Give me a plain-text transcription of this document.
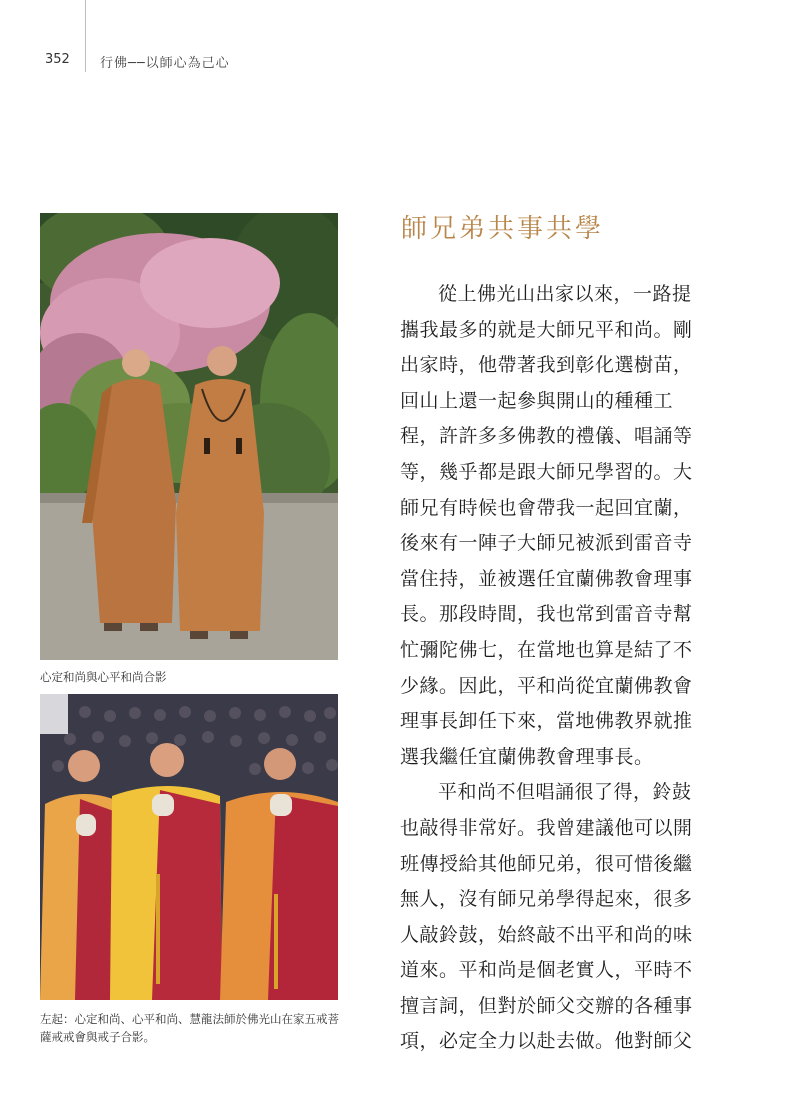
352 行佛──以師心為己心
心定和尚與心平和尚合影
左起：心定和尚、心平和尚、慧龍法師於佛光山在家五戒菩薩戒戒會與戒子合影。
師兄弟共事共學

從上佛光山出家以來，一路提攜我最多的就是大師兄平和尚。剛出家時，他帶著我到彰化選樹苗，回山上還一起參與開山的種種工程，許許多多佛教的禮儀、唱誦等等，幾乎都是跟大師兄學習的。大師兄有時候也會帶我一起回宜蘭，後來有一陣子大師兄被派到雷音寺當住持，並被選任宜蘭佛教會理事長。那段時間，我也常到雷音寺幫忙彌陀佛七，在當地也算是結了不少緣。因此，平和尚從宜蘭佛教會理事長卸任下來，當地佛教界就推選我繼任宜蘭佛教會理事長。

平和尚不但唱誦很了得，鈴鼓也敲得非常好。我曾建議他可以開班傳授給其他師兄弟，很可惜後繼無人，沒有師兄弟學得起來，很多人敲鈴鼓，始終敲不出平和尚的味道來。平和尚是個老實人，平時不擅言詞，但對於師父交辦的各種事項，必定全力以赴去做。他對師父
